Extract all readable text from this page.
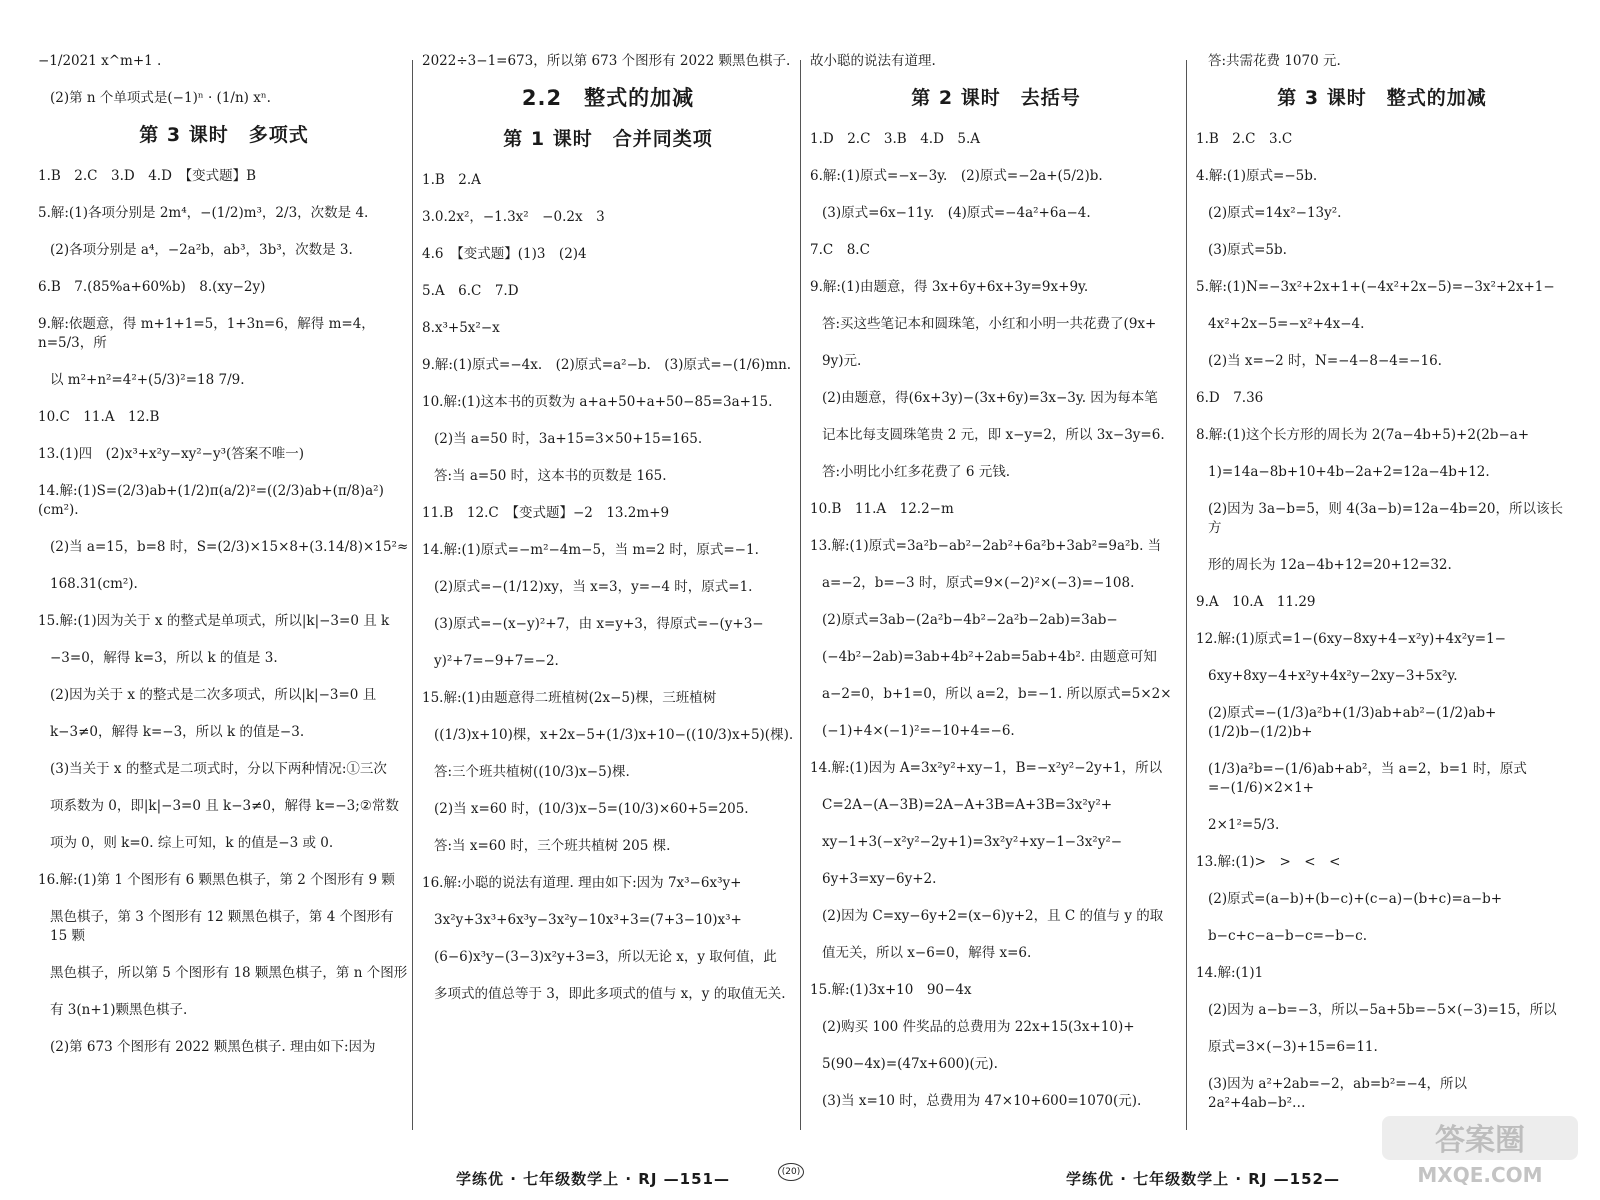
−1/2021 x^m+1 .
(2)第 n 个单项式是(−1)ⁿ · (1/n) xⁿ.
第 3 课时　多项式
1.B　2.C　3.D　4.D　【变式题】B
5.解:(1)各项分别是 2m⁴，−(1/2)m³，2/3，次数是 4.
(2)各项分别是 a⁴，−2a²b，ab³，3b³，次数是 3.
6.B　7.(85%a+60%b)　8.(xy−2y)
9.解:依题意，得 m+1+1=5，1+3n=6，解得 m=4，n=5/3，所
以 m²+n²=4²+(5/3)²=18 7/9.
10.C　11.A　12.B
13.(1)四　(2)x³+x²y−xy²−y³(答案不唯一)
14.解:(1)S=(2/3)ab+(1/2)π(a/2)²=((2/3)ab+(π/8)a²)(cm²).
(2)当 a=15，b=8 时，S=(2/3)×15×8+(3.14/8)×15²≈
168.31(cm²).
15.解:(1)因为关于 x 的整式是单项式，所以|k|−3=0 且 k
−3=0，解得 k=3，所以 k 的值是 3.
(2)因为关于 x 的整式是二次多项式，所以|k|−3=0 且
k−3≠0，解得 k=−3，所以 k 的值是−3.
(3)当关于 x 的整式是二项式时，分以下两种情况:①三次
项系数为 0，即|k|−3=0 且 k−3≠0，解得 k=−3;②常数
项为 0，则 k=0. 综上可知，k 的值是−3 或 0.
16.解:(1)第 1 个图形有 6 颗黑色棋子，第 2 个图形有 9 颗
黑色棋子，第 3 个图形有 12 颗黑色棋子，第 4 个图形有 15 颗
黑色棋子，所以第 5 个图形有 18 颗黑色棋子，第 n 个图形
有 3(n+1)颗黑色棋子.
(2)第 673 个图形有 2022 颗黑色棋子. 理由如下:因为
2022÷3−1=673，所以第 673 个图形有 2022 颗黑色棋子.
2.2　整式的加减
第 1 课时　合并同类项
1.B　2.A
3.0.2x²，−1.3x²　−0.2x　3
4.6　【变式题】(1)3　(2)4
5.A　6.C　7.D
8.x³+5x²−x
9.解:(1)原式=−4x.　(2)原式=a²−b.　(3)原式=−(1/6)mn.
10.解:(1)这本书的页数为 a+a+50+a+50−85=3a+15.
(2)当 a=50 时，3a+15=3×50+15=165.
答:当 a=50 时，这本书的页数是 165.
11.B　12.C　【变式题】−2　13.2m+9
14.解:(1)原式=−m²−4m−5，当 m=2 时，原式=−1.
(2)原式=−(1/12)xy，当 x=3，y=−4 时，原式=1.
(3)原式=−(x−y)²+7，由 x=y+3，得原式=−(y+3−
y)²+7=−9+7=−2.
15.解:(1)由题意得二班植树(2x−5)棵，三班植树
((1/3)x+10)棵，x+2x−5+(1/3)x+10−((10/3)x+5)(棵).
答:三个班共植树((10/3)x−5)棵.
(2)当 x=60 时，(10/3)x−5=(10/3)×60+5=205.
答:当 x=60 时，三个班共植树 205 棵.
16.解:小聪的说法有道理. 理由如下:因为 7x³−6x³y+
3x²y+3x³+6x³y−3x²y−10x³+3=(7+3−10)x³+
(6−6)x³y−(3−3)x²y+3=3，所以无论 x，y 取何值，此
多项式的值总等于 3，即此多项式的值与 x，y 的取值无关.
故小聪的说法有道理.
第 2 课时　去括号
1.D　2.C　3.B　4.D　5.A
6.解:(1)原式=−x−3y.　(2)原式=−2a+(5/2)b.
(3)原式=6x−11y.　(4)原式=−4a²+6a−4.
7.C　8.C
9.解:(1)由题意，得 3x+6y+6x+3y=9x+9y.
答:买这些笔记本和圆珠笔，小红和小明一共花费了(9x+
9y)元.
(2)由题意，得(6x+3y)−(3x+6y)=3x−3y. 因为每本笔
记本比每支圆珠笔贵 2 元，即 x−y=2，所以 3x−3y=6.
答:小明比小红多花费了 6 元钱.
10.B　11.A　12.2−m
13.解:(1)原式=3a²b−ab²−2ab²+6a²b+3ab²=9a²b. 当
a=−2，b=−3 时，原式=9×(−2)²×(−3)=−108.
(2)原式=3ab−(2a²b−4b²−2a²b−2ab)=3ab−
(−4b²−2ab)=3ab+4b²+2ab=5ab+4b². 由题意可知
a−2=0，b+1=0，所以 a=2，b=−1. 所以原式=5×2×
(−1)+4×(−1)²=−10+4=−6.
14.解:(1)因为 A=3x²y²+xy−1，B=−x²y²−2y+1，所以
C=2A−(A−3B)=2A−A+3B=A+3B=3x²y²+
xy−1+3(−x²y²−2y+1)=3x²y²+xy−1−3x²y²−
6y+3=xy−6y+2.
(2)因为 C=xy−6y+2=(x−6)y+2，且 C 的值与 y 的取
值无关，所以 x−6=0，解得 x=6.
15.解:(1)3x+10　90−4x
(2)购买 100 件奖品的总费用为 22x+15(3x+10)+
5(90−4x)=(47x+600)(元).
(3)当 x=10 时，总费用为 47×10+600=1070(元).
答:共需花费 1070 元.
第 3 课时　整式的加减
1.B　2.C　3.C
4.解:(1)原式=−5b.
(2)原式=14x²−13y².
(3)原式=5b.
5.解:(1)N=−3x²+2x+1+(−4x²+2x−5)=−3x²+2x+1−
4x²+2x−5=−x²+4x−4.
(2)当 x=−2 时，N=−4−8−4=−16.
6.D　7.36
8.解:(1)这个长方形的周长为 2(7a−4b+5)+2(2b−a+
1)=14a−8b+10+4b−2a+2=12a−4b+12.
(2)因为 3a−b=5，则 4(3a−b)=12a−4b=20，所以该长方
形的周长为 12a−4b+12=20+12=32.
9.A　10.A　11.29
12.解:(1)原式=1−(6xy−8xy+4−x²y)+4x²y=1−
6xy+8xy−4+x²y+4x²y−2xy−3+5x²y.
(2)原式=−(1/3)a²b+(1/3)ab+ab²−(1/2)ab+(1/2)b−(1/2)b+
(1/3)a²b=−(1/6)ab+ab²，当 a=2，b=1 时，原式=−(1/6)×2×1+
2×1²=5/3.
13.解:(1)>　>　<　<
(2)原式=(a−b)+(b−c)+(c−a)−(b+c)=a−b+
b−c+c−a−b−c=−b−c.
14.解:(1)1
(2)因为 a−b=−3，所以−5a+5b=−5×(−3)=15，所以
原式=3×(−3)+15=6=11.
(3)因为 a²+2ab=−2，ab=b²=−4，所以 2a²+4ab−b²…
学练优 · 七年级数学上 · RJ —151—	(20)	学练优 · 七年级数学上 · RJ —152—
答案圈
MXQE.COM
